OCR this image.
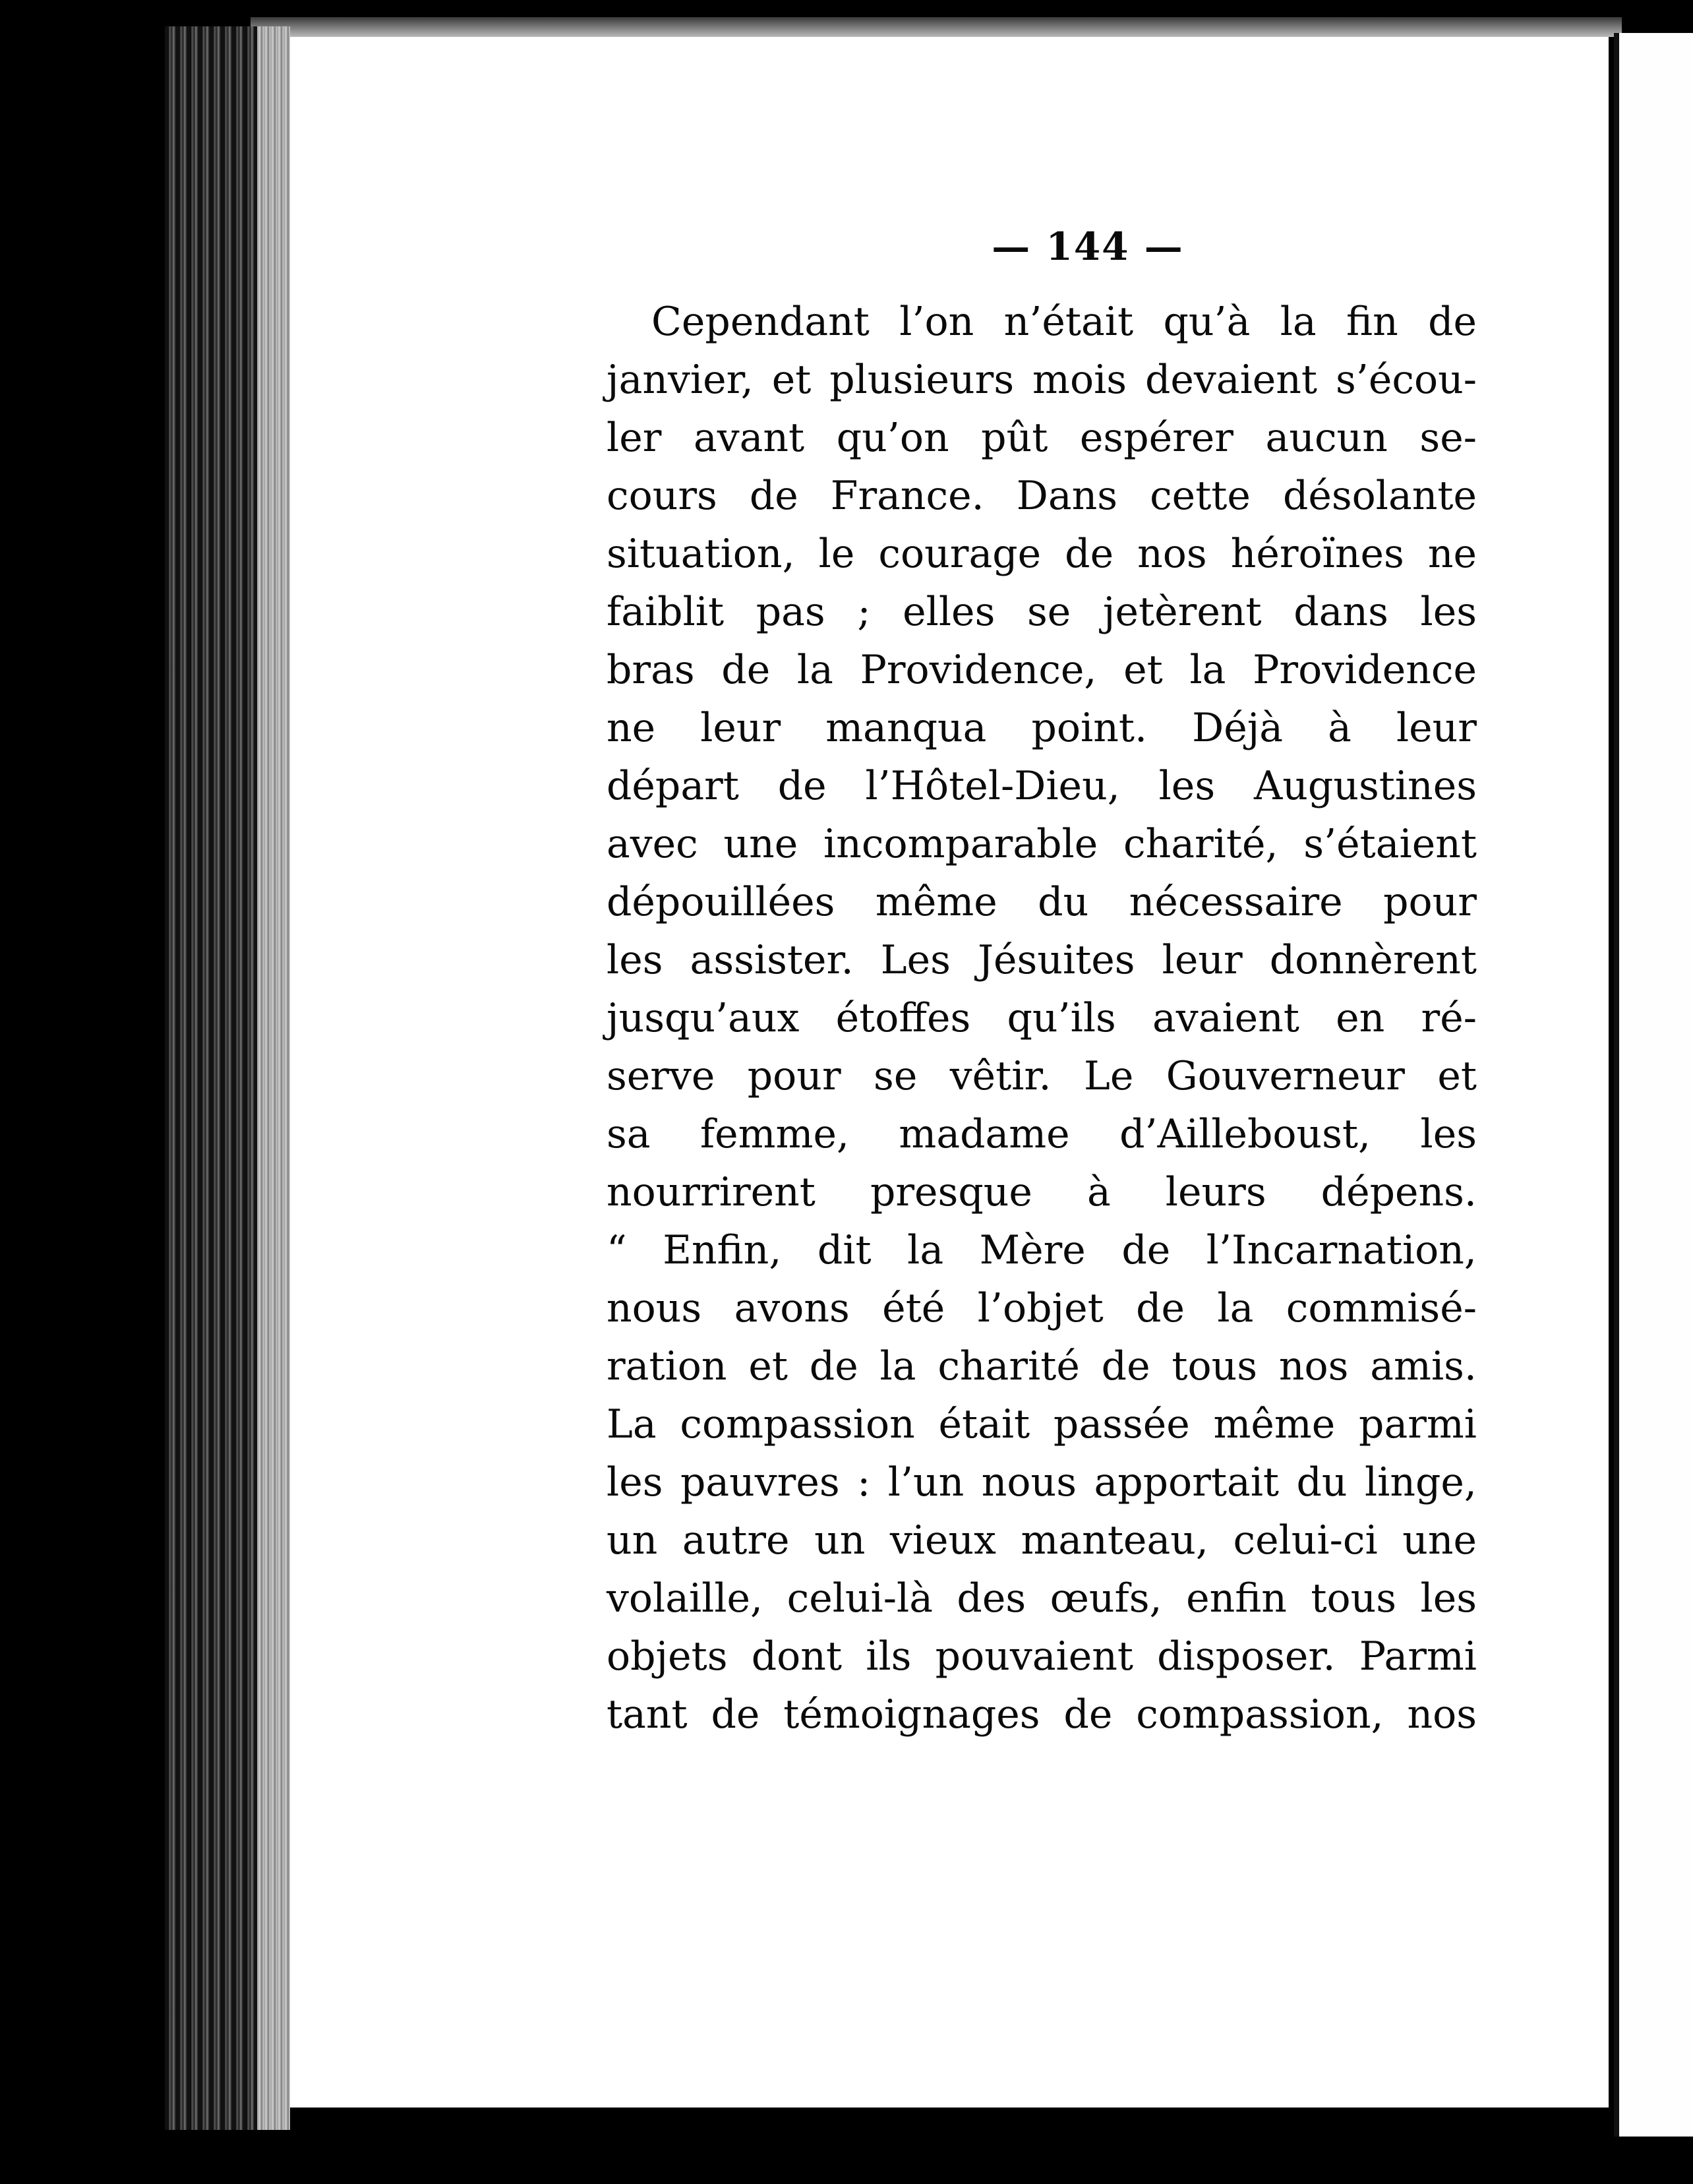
— 144 —
Cependant l’on n’était qu’à la fin de
janvier, et plusieurs mois devaient s’écou-
ler avant qu’on pût espérer aucun se-
cours de France. Dans cette désolante
situation, le courage de nos héroïnes ne
faiblit pas ; elles se jetèrent dans les
bras de la Providence, et la Providence
ne leur manqua point. Déjà à leur
départ de l’Hôtel-Dieu, les Augustines
avec une incomparable charité, s’étaient
dépouillées même du nécessaire pour
les assister. Les Jésuites leur donnèrent
jusqu’aux étoffes qu’ils avaient en ré-
serve pour se vêtir. Le Gouverneur et
sa femme, madame d’Ailleboust, les
nourrirent presque à leurs dépens.
“ Enfin, dit la Mère de l’Incarnation,
nous avons été l’objet de la commisé-
ration et de la charité de tous nos amis.
La compassion était passée même parmi
les pauvres : l’un nous apportait du linge,
un autre un vieux manteau, celui-ci une
volaille, celui-là des œufs, enfin tous les
objets dont ils pouvaient disposer. Parmi
tant de témoignages de compassion, nos
